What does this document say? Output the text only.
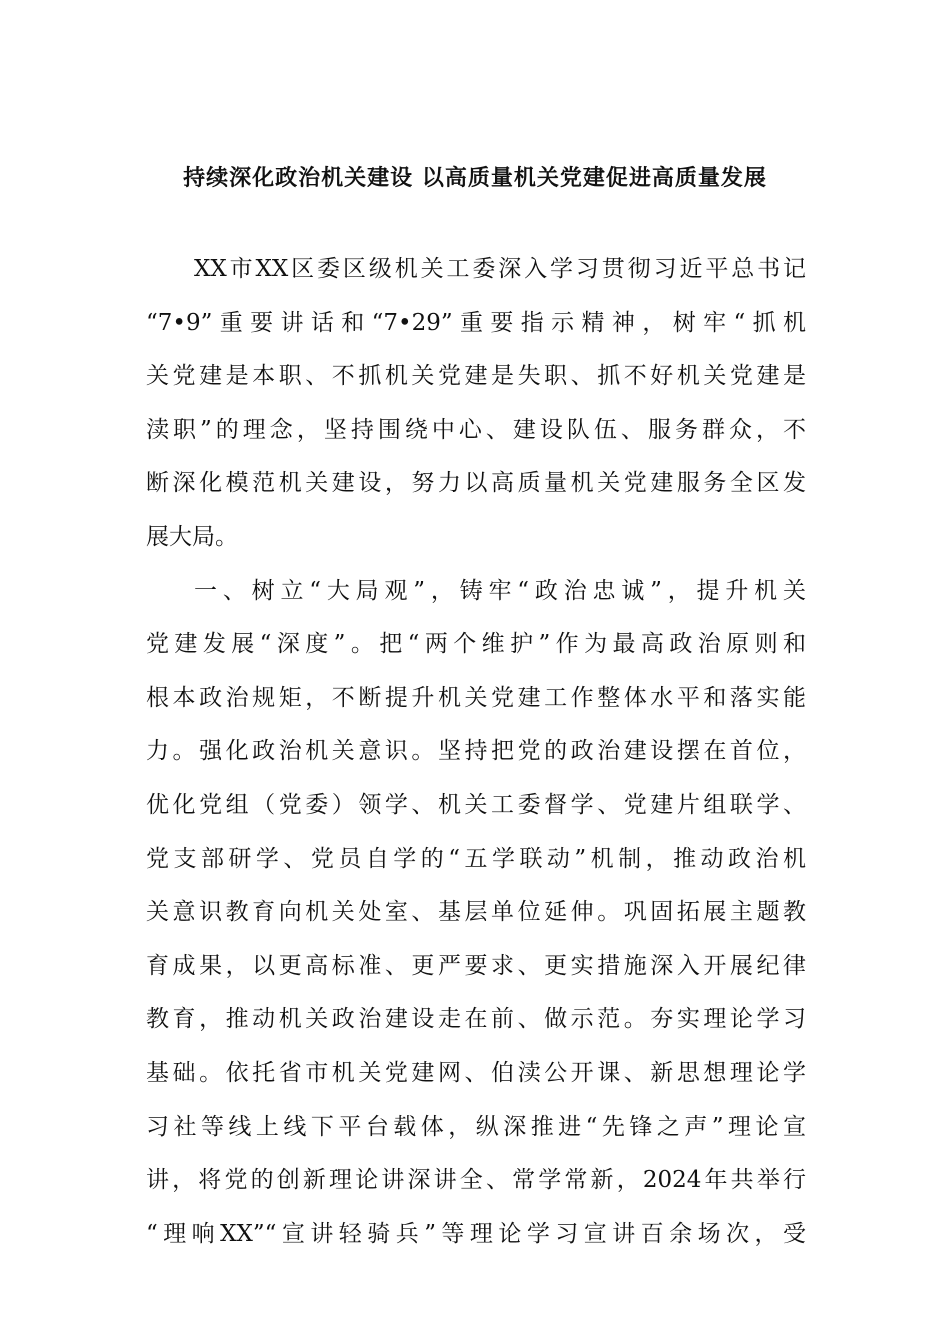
持续深化政治机关建设 以高质量机关党建促进高质量发展
XX市XX区委区级机关工委深入学习贯彻习近平总书记
“7•9”重要讲话和“7•29”重要指示精神，树牢“抓机
关党建是本职、不抓机关党建是失职、抓不好机关党建是
渎职”的理念，坚持围绕中心、建设队伍、服务群众，不
断深化模范机关建设，努力以高质量机关党建服务全区发
展大局。
一、树立“大局观”，铸牢“政治忠诚”，提升机关
党建发展“深度”。把“两个维护”作为最高政治原则和
根本政治规矩，不断提升机关党建工作整体水平和落实能
力。强化政治机关意识。坚持把党的政治建设摆在首位，
优化党组（党委）领学、机关工委督学、党建片组联学、
党支部研学、党员自学的“五学联动”机制，推动政治机
关意识教育向机关处室、基层单位延伸。巩固拓展主题教
育成果，以更高标准、更严要求、更实措施深入开展纪律
教育，推动机关政治建设走在前、做示范。夯实理论学习
基础。依托省市机关党建网、伯渎公开课、新思想理论学
习社等线上线下平台载体，纵深推进“先锋之声”理论宣
讲，将党的创新理论讲深讲全、常学常新，2024年共举行
“理响XX”“宣讲轻骑兵”等理论学习宣讲百余场次，受
